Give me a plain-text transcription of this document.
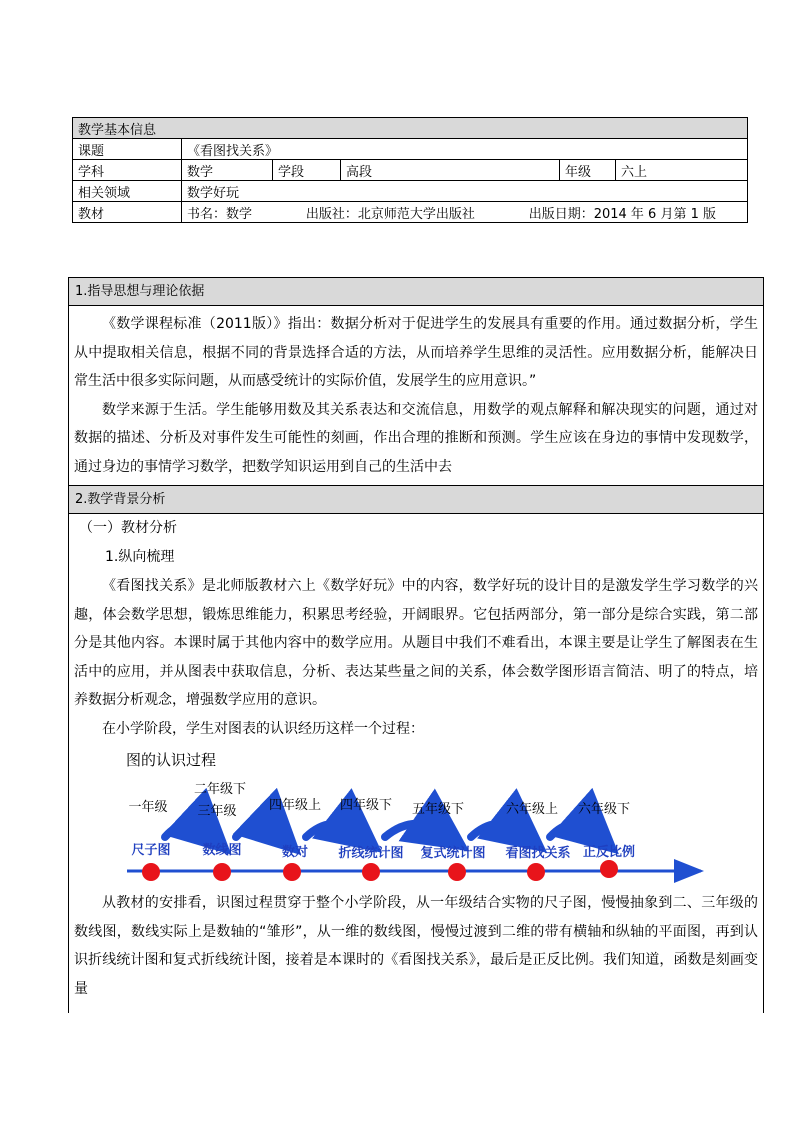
教学基本信息					
课题	《看图找关系》				
学科	数学	学段	高段	年级	六上
相关领域	数学好玩				
教材	书名：数学 出版社：北京师范大学出版社 出版日期：2014 年 6 月第 1 版				
1.指导思想与理论依据

《数学课程标准（2011版）》指出：数据分析对于促进学生的发展具有重要的作用。通过数据分析，学生从中提取相关信息，根据不同的背景选择合适的方法，从而培养学生思维的灵活性。应用数据分析，能解决日常生活中很多实际问题，从而感受统计的实际价值，发展学生的应用意识。”

数学来源于生活。学生能够用数及其关系表达和交流信息，用数学的观点解释和解决现实的问题，通过对数据的描述、分析及对事件发生可能性的刻画，作出合理的推断和预测。学生应该在身边的事情中发现数学，通过身边的事情学习数学，把数学知识运用到自己的生活中去

2.教学背景分析
（一）教材分析
1.纵向梳理

《看图找关系》是北师版教材六上《数学好玩》中的内容，数学好玩的设计目的是激发学生学习数学的兴趣，体会数学思想，锻炼思维能力，积累思考经验，开阔眼界。它包括两部分，第一部分是综合实践，第二部分是其他内容。本课时属于其他内容中的数学应用。从题目中我们不难看出，本课主要是让学生了解图表在生活中的应用，并从图表中获取信息，分析、表达某些量之间的关系，体会数学图形语言简洁、明了的特点，培养数据分析观念，增强数学应用的意识。

在小学阶段，学生对图表的认识经历这样一个过程：

图的认识过程
一年级
二年级下
三年级 四年级上 四年级下 五年级下	六年级上 六年级下
尺子图 数线图	数对 折线统计图 复式统计图 看图找关系 正反比例

从教材的安排看，识图过程贯穿于整个小学阶段，从一年级结合实物的尺子图，慢慢抽象到二、三年级的数线图，数线实际上是数轴的“雏形”，从一维的数线图，慢慢过渡到二维的带有横轴和纵轴的平面图，再到认识折线统计图和复式折线统计图，接着是本课时的《看图找关系》，最后是正反比例。我们知道，函数是刻画变量
